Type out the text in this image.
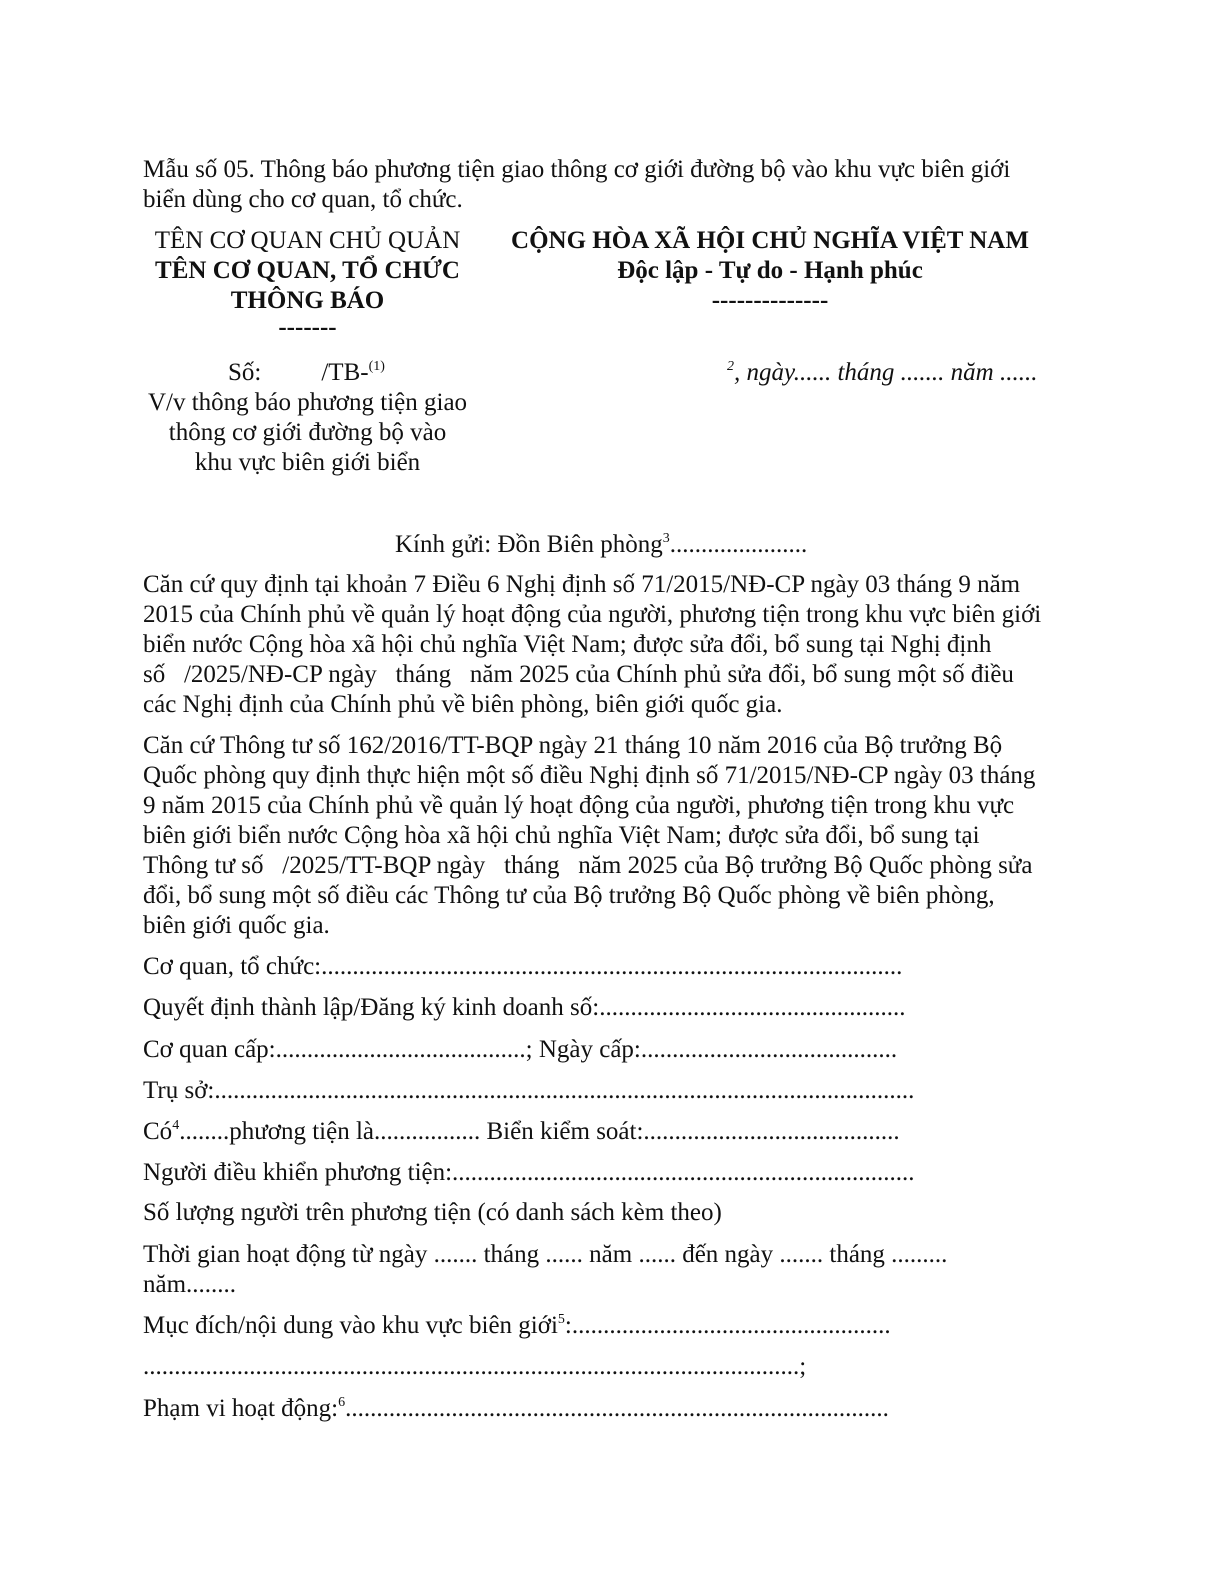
Mẫu số 05. Thông báo phương tiện giao thông cơ giới đường bộ vào khu vực biên giới
biển dùng cho cơ quan, tổ chức.
TÊN CƠ QUAN CHỦ QUẢN
TÊN CƠ QUAN, TỔ CHỨC
THÔNG BÁO
-------
CỘNG HÒA XÃ HỘI CHỦ NGHĨA VIỆT NAM
Độc lập - Tự do - Hạnh phúc
--------------
Số: /TB-$^{(1)}$	$^2$, ngày...... tháng ....... năm ......
V/v thông báo phương tiện giao
thông cơ giới đường bộ vào
khu vực biên giới biển
Kính gửi: Đồn Biên phòng$^3$......................
Căn cứ quy định tại khoản 7 Điều 6 Nghị định số 71/2015/NĐ-CP ngày 03 tháng 9 năm
2015 của Chính phủ về quản lý hoạt động của người, phương tiện trong khu vực biên giới
biển nước Cộng hòa xã hội chủ nghĩa Việt Nam; được sửa đổi, bổ sung tại Nghị định
số   /2025/NĐ-CP ngày   tháng   năm 2025 của Chính phủ sửa đổi, bổ sung một số điều
các Nghị định của Chính phủ về biên phòng, biên giới quốc gia.
Căn cứ Thông tư số 162/2016/TT-BQP ngày 21 tháng 10 năm 2016 của Bộ trưởng Bộ
Quốc phòng quy định thực hiện một số điều Nghị định số 71/2015/NĐ-CP ngày 03 tháng
9 năm 2015 của Chính phủ về quản lý hoạt động của người, phương tiện trong khu vực
biên giới biển nước Cộng hòa xã hội chủ nghĩa Việt Nam; được sửa đổi, bổ sung tại
Thông tư số   /2025/TT-BQP ngày   tháng   năm 2025 của Bộ trưởng Bộ Quốc phòng sửa
đổi, bổ sung một số điều các Thông tư của Bộ trưởng Bộ Quốc phòng về biên phòng,
biên giới quốc gia.
Cơ quan, tổ chức:.............................................................................................
Quyết định thành lập/Đăng ký kinh doanh số:.................................................
Cơ quan cấp:........................................; Ngày cấp:.........................................
Trụ sở:................................................................................................................
$Có^4........phương$ tiện là................. Biển kiểm soát:.........................................
Người điều khiển phương tiện:..........................................................................
Số lượng người trên phương tiện (có danh sách kèm theo)
Thời gian hoạt động từ ngày ....... tháng ...... năm ...... đến ngày ....... tháng .........
năm........
Mục đích/nội dung vào khu vực biên giới$^5$:...................................................
.........................................................................................................;
Phạm vi hoạt động:$^6$.......................................................................................
